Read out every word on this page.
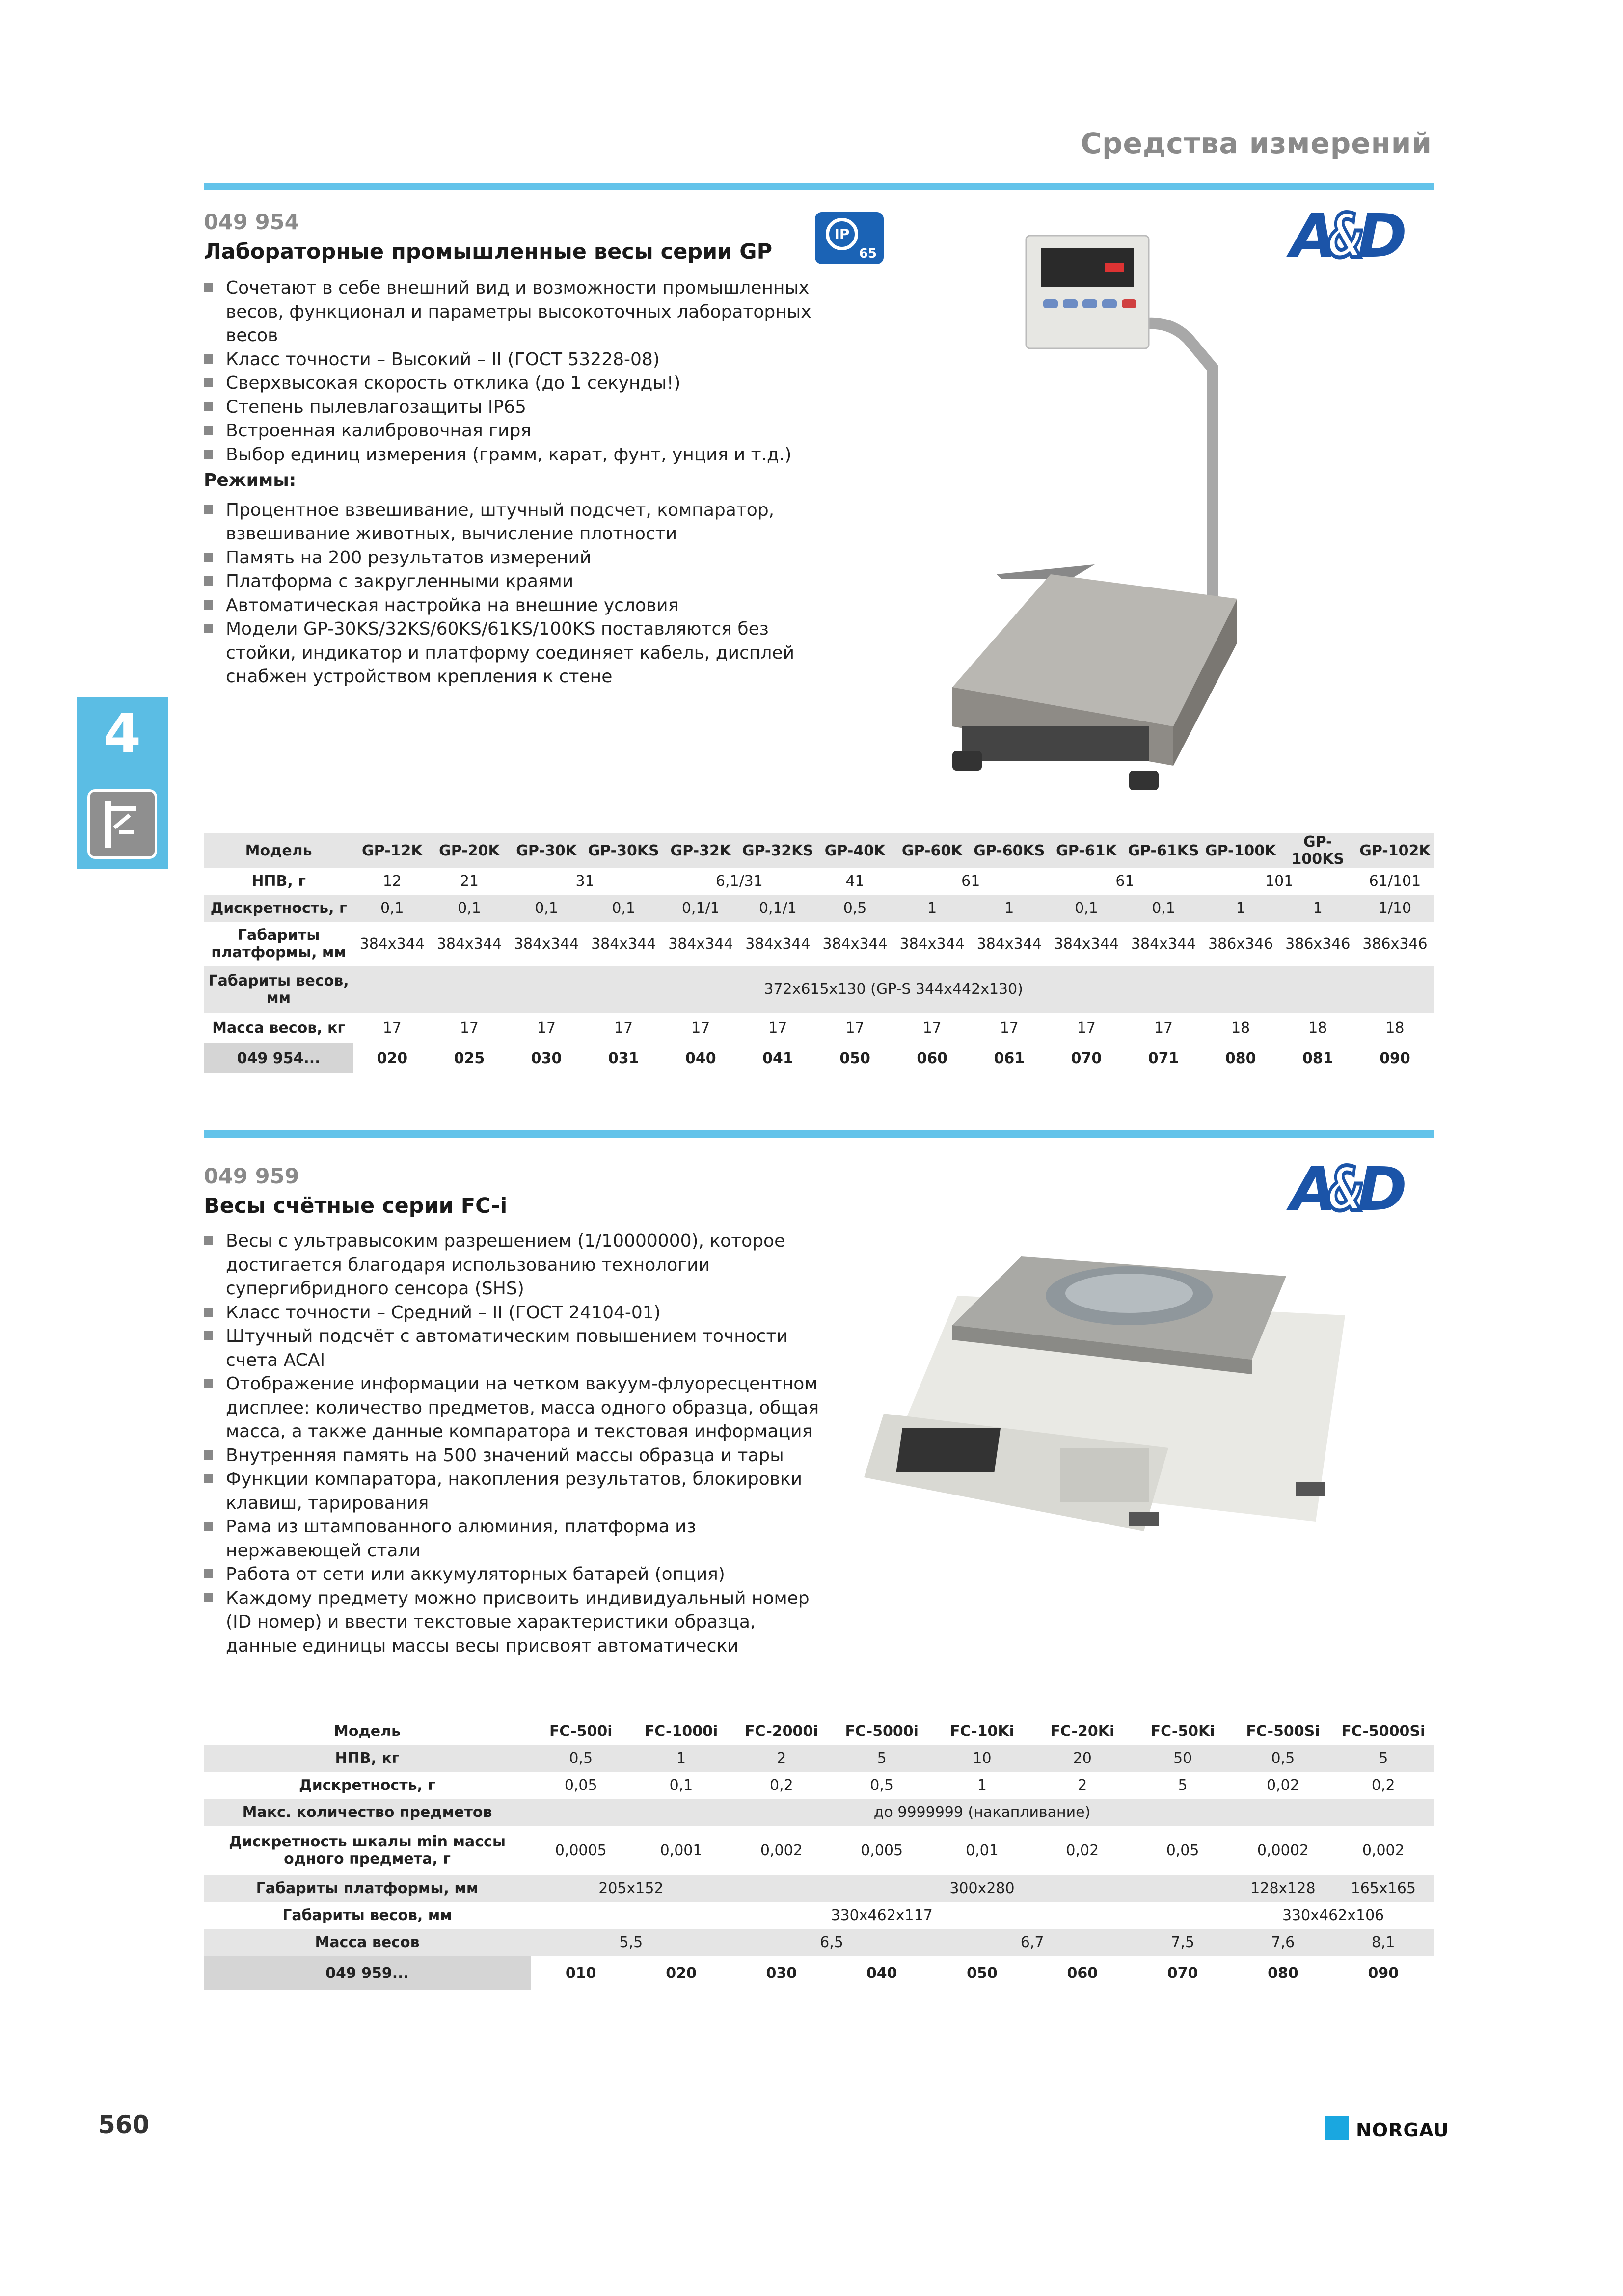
Средства измерений
4
049 954
Лабораторные промышленные весы серии GP
IP
65	A&D
Сочетают в себе внешний вид и возможности промышленных весов, функционал и параметры высокоточных лабораторных весов
Класс точности – Высокий – II (ГОСТ 53228-08)
Сверхвысокая скорость отклика (до 1 секунды!)
Степень пылевлагозащиты IP65
Встроенная калибровочная гиря
Выбор единиц измерения (грамм, карат, фунт, унция и т.д.)
Режимы:
Процентное взвешивание, штучный подсчет, компаратор, взвешивание животных, вычисление плотности
Память на 200 результатов измерений
Платформа с закругленными краями
Автоматическая настройка на внешние условия
Модели GP-30KS/32KS/60KS/61KS/100KS поставляются без стойки, индикатор и платформу соединяет кабель, дисплей снабжен устройством крепления к стене
Модель	GP-12K	GP-20K	GP-30K	GP-30KS	GP-32K	GP-32KS	GP-40K	GP-60K	GP-60KS	GP-61K	GP-61KS	GP-100K	GP-100KS	GP-102K
НПВ, г	12	21	31		6,1/31		41	61		61		101		61/101
Дискретность, г	0,1	0,1	0,1	0,1	0,1/1	0,1/1	0,5	1	1	0,1	0,1	1	1	1/10
Габариты платформы, мм	384x344	384x344	384x344	384x344	384x344	384x344	384x344	384x344	384x344	384x344	384x344	386x346	386x346	386x346
Габариты весов, мм	372x615x130 (GP-S 344x442x130)													
Масса весов, кг	17	17	17	17	17	17	17	17	17	17	17	18	18	18
049 954...	020	025	030	031	040	041	050	060	061	070	071	080	081	090
049 959
Весы счётные серии FC-i	A&D
Весы с ультравысоким разрешением (1/10000000), которое достигается благодаря использованию технологии супергибридного сенсора (SHS)
Класс точности – Средний – II (ГОСТ 24104-01)
Штучный подсчёт с автоматическим повышением точности счета ACAI
Отображение информации на четком вакуум-флуоресцентном дисплее: количество предметов, масса одного образца, общая масса, а также данные компаратора и текстовая информация
Внутренняя память на 500 значений массы образца и тары
Функции компаратора, накопления результатов, блокировки клавиш, тарирования
Рама из штампованного алюминия, платформа из нержавеющей стали
Работа от сети или аккумуляторных батарей (опция)
Каждому предмету можно присвоить индивидуальный номер (ID номер) и ввести текстовые характеристики образца, данные единицы массы весы присвоят автоматически
Модель	FC-500i	FC-1000i	FC-2000i	FC-5000i	FC-10Ki	FC-20Ki	FC-50Ki	FC-500Si	FC-5000Si
НПВ, кг	0,5	1	2	5	10	20	50	0,5	5
Дискретность, г	0,05	0,1	0,2	0,5	1	2	5	0,02	0,2
Макс. количество предметов	до 9999999 (накапливание)								
Дискретность шкалы min массы одного предмета, г	0,0005	0,001	0,002	0,005	0,01	0,02	0,05	0,0002	0,002
Габариты платформы, мм	205x152		300x280					128x128	165x165
Габариты весов, мм	330x462x117							330x462x106	
Масса весов	5,5		6,5		6,7		7,5	7,6	8,1
049 959...	010	020	030	040	050	060	070	080	090
560	NORGAU
